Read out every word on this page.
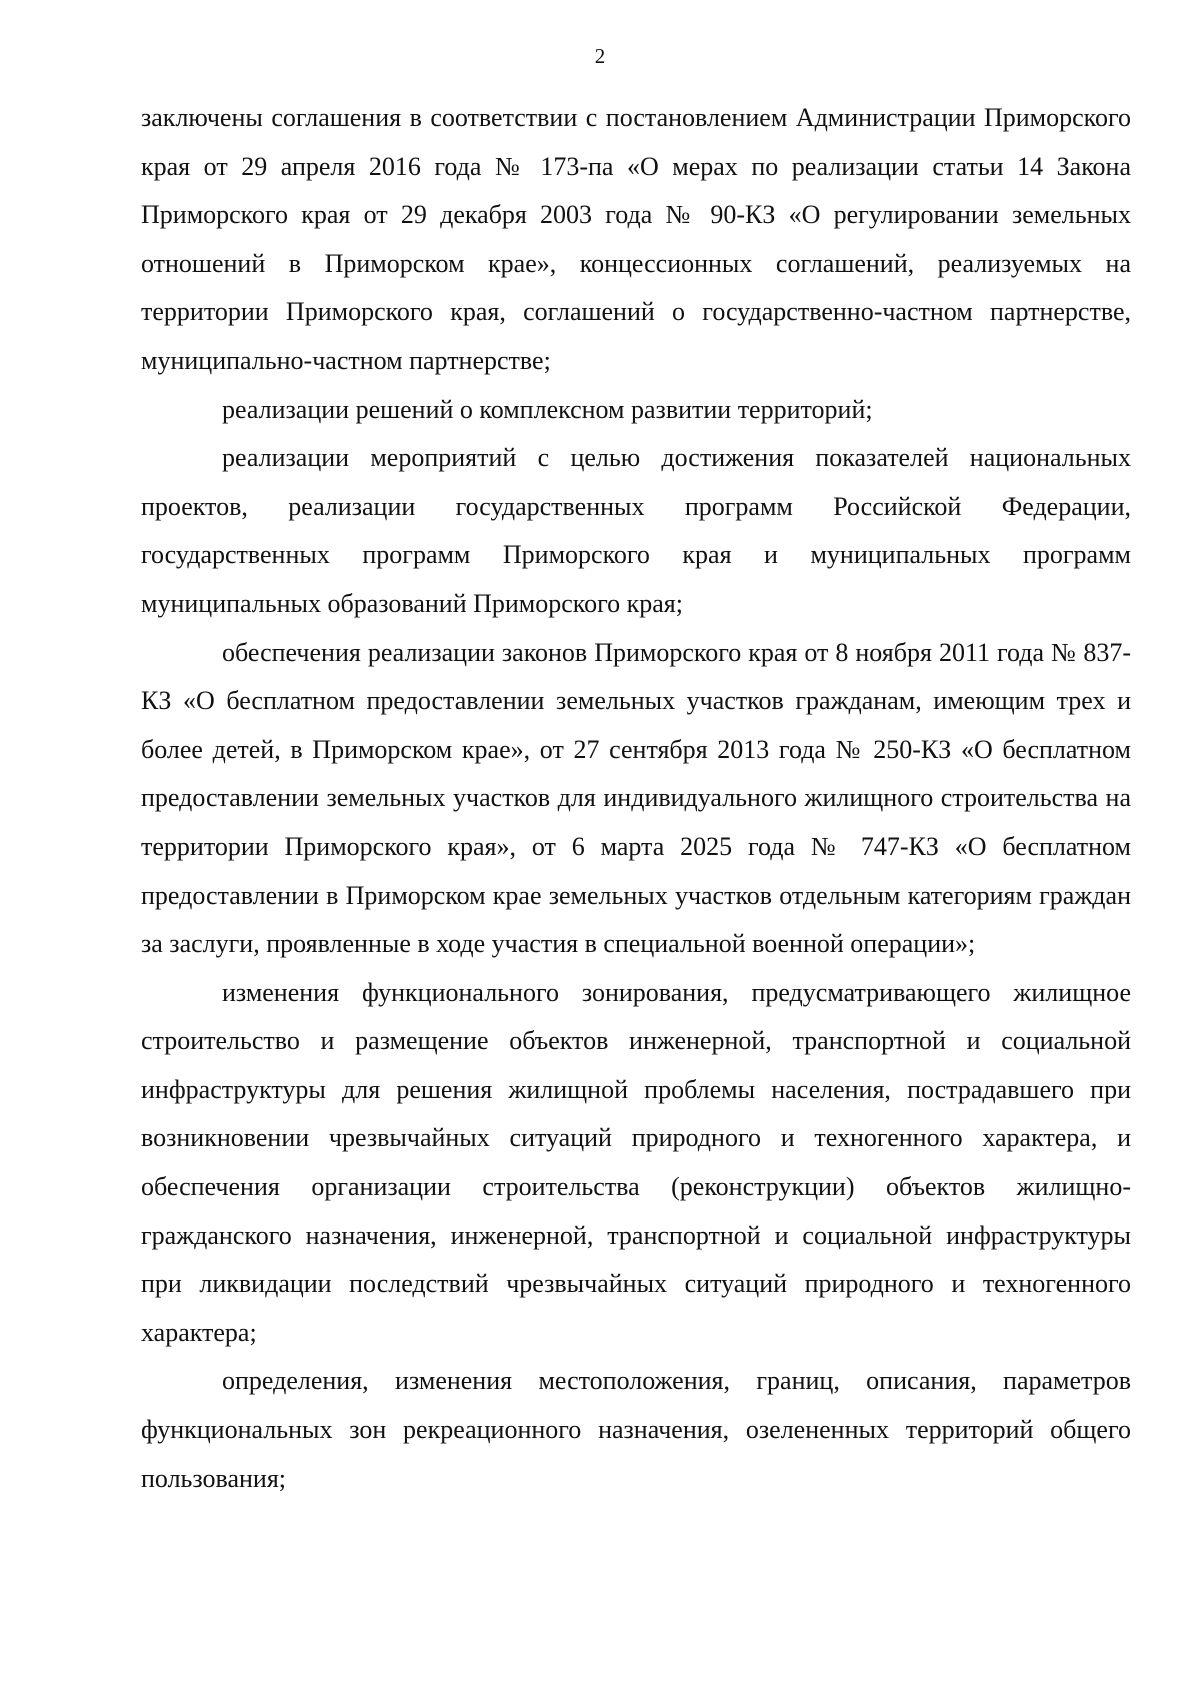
2

заключены соглашения в соответствии с постановлением Администрации Приморского края от 29 апреля 2016 года № 173-па «О мерах по реализации статьи 14 Закона Приморского края от 29 декабря 2003 года № 90-КЗ «О регулировании земельных отношений в Приморском крае», концессионных соглашений, реализуемых на территории Приморского края, соглашений о государственно-частном партнерстве, муниципально-частном партнерстве;

реализации решений о комплексном развитии территорий;

реализации мероприятий с целью достижения показателей национальных проектов, реализации государственных программ Российской Федерации, государственных программ Приморского края и муниципальных программ муниципальных образований Приморского края;

обеспечения реализации законов Приморского края от 8 ноября 2011 года № 837-КЗ «О бесплатном предоставлении земельных участков гражданам, имеющим трех и более детей, в Приморском крае», от 27 сентября 2013 года № 250-КЗ «О бесплатном предоставлении земельных участков для индивидуального жилищного строительства на территории Приморского края», от 6 марта 2025 года № 747-КЗ «О бесплатном предоставлении в Приморском крае земельных участков отдельным категориям граждан за заслуги, проявленные в ходе участия в специальной военной операции»;

изменения функционального зонирования, предусматривающего жилищное строительство и размещение объектов инженерной, транспортной и социальной инфраструктуры для решения жилищной проблемы населения, пострадавшего при возникновении чрезвычайных ситуаций природного и техногенного характера, и обеспечения организации строительства (реконструкции) объектов жилищно-гражданского назначения, инженерной, транспортной и социальной инфраструктуры при ликвидации последствий чрезвычайных ситуаций природного и техногенного характера;

определения, изменения местоположения, границ, описания, параметров функциональных зон рекреационного назначения, озелененных территорий общего пользования;
